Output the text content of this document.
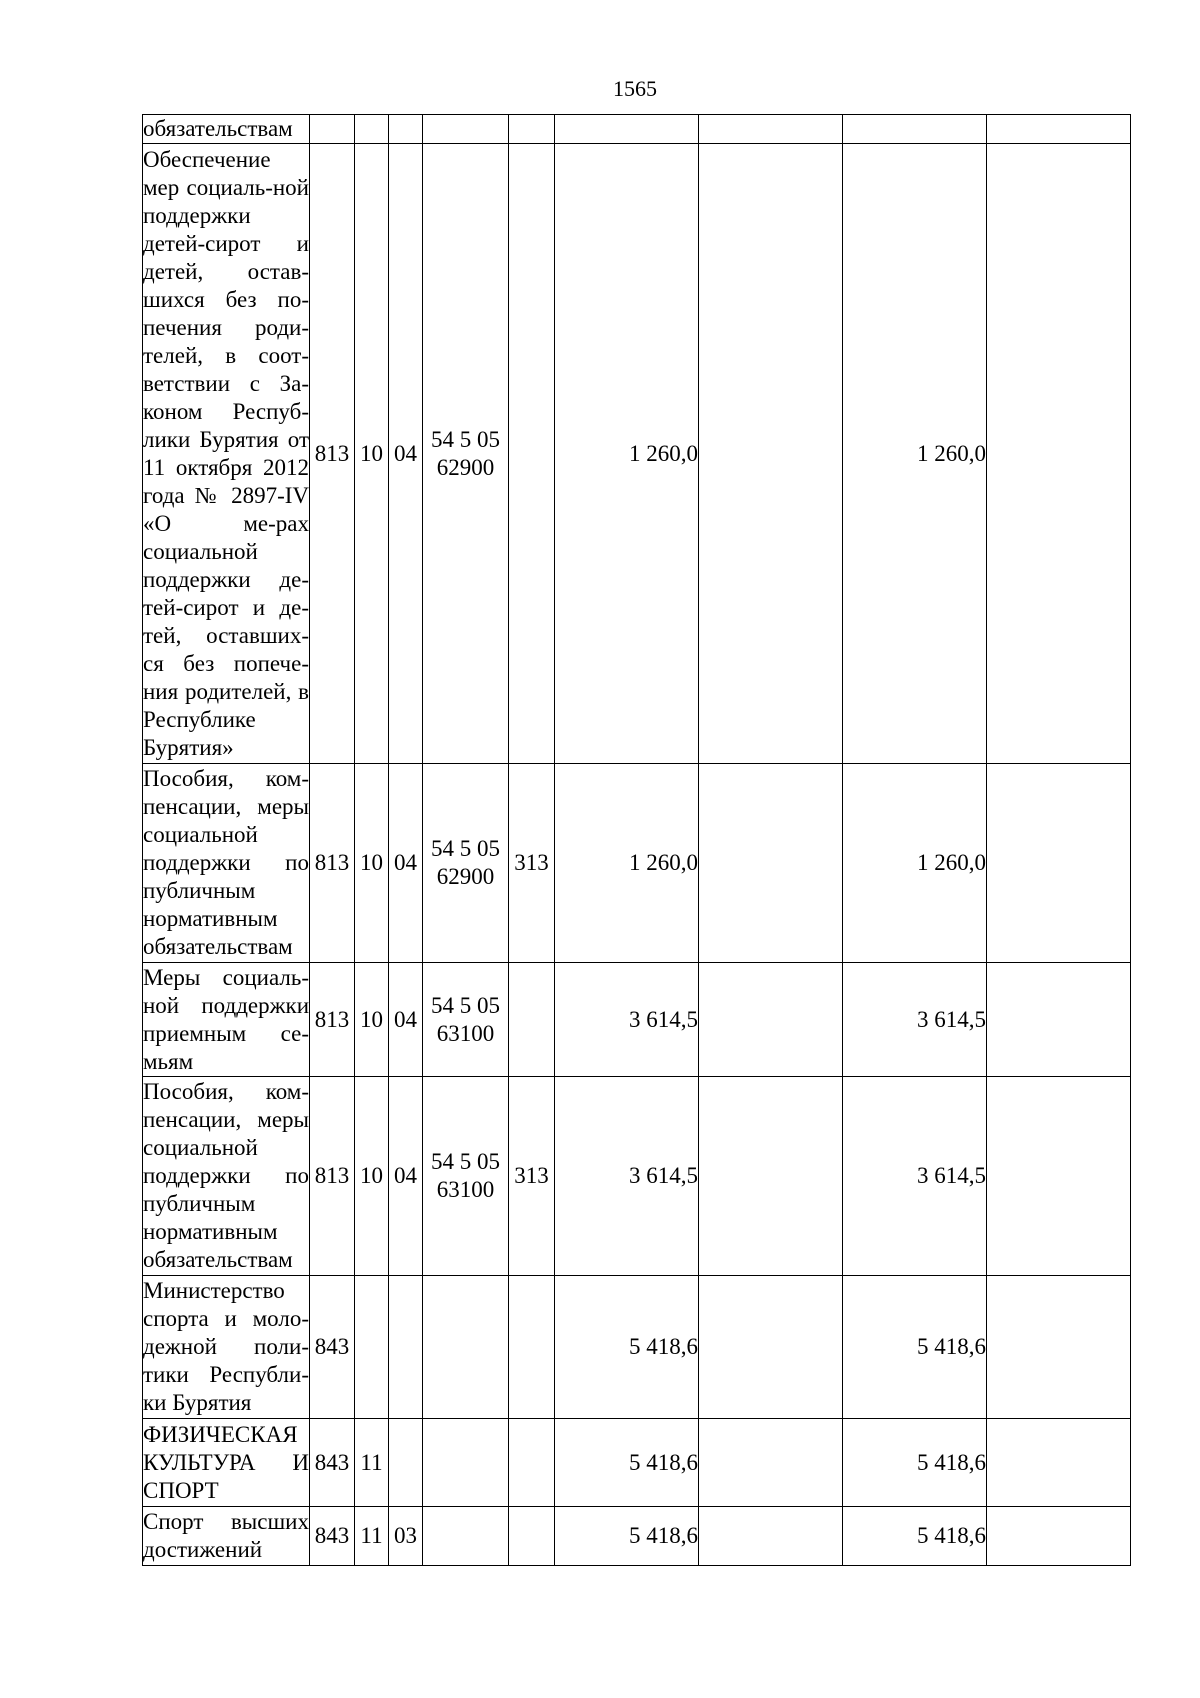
1565
обязательствам									
Обеспечение мер социаль-ной поддержки детей-сирот и детей, остав-шихся без по-печения роди-телей, в соот-ветствии с За-коном Респуб-лики Бурятия от 11 октября 2012 года № 2897-IV «О ме-рах социальной поддержки де-тей-сирот и де-тей, оставших-ся без попече-ния родителей, в Республике Бурятия»	813	10	04	54 5 05 62900		1 260,0		1 260,0	
Пособия, ком-пенсации, меры социальной поддержки по публичным нормативным обязательствам	813	10	04	54 5 05 62900	313	1 260,0		1 260,0	
Меры социаль-ной поддержки приемным се-мьям	813	10	04	54 5 05 63100		3 614,5		3 614,5	
Пособия, ком-пенсации, меры социальной поддержки по публичным нормативным обязательствам	813	10	04	54 5 05 63100	313	3 614,5		3 614,5	
Министерство спорта и моло-дежной поли-тики Республи-ки Бурятия	843					5 418,6		5 418,6	
ФИЗИЧЕСКАЯ КУЛЬТУРА И СПОРТ	843	11				5 418,6		5 418,6	
Спорт высших достижений	843	11	03			5 418,6		5 418,6	
